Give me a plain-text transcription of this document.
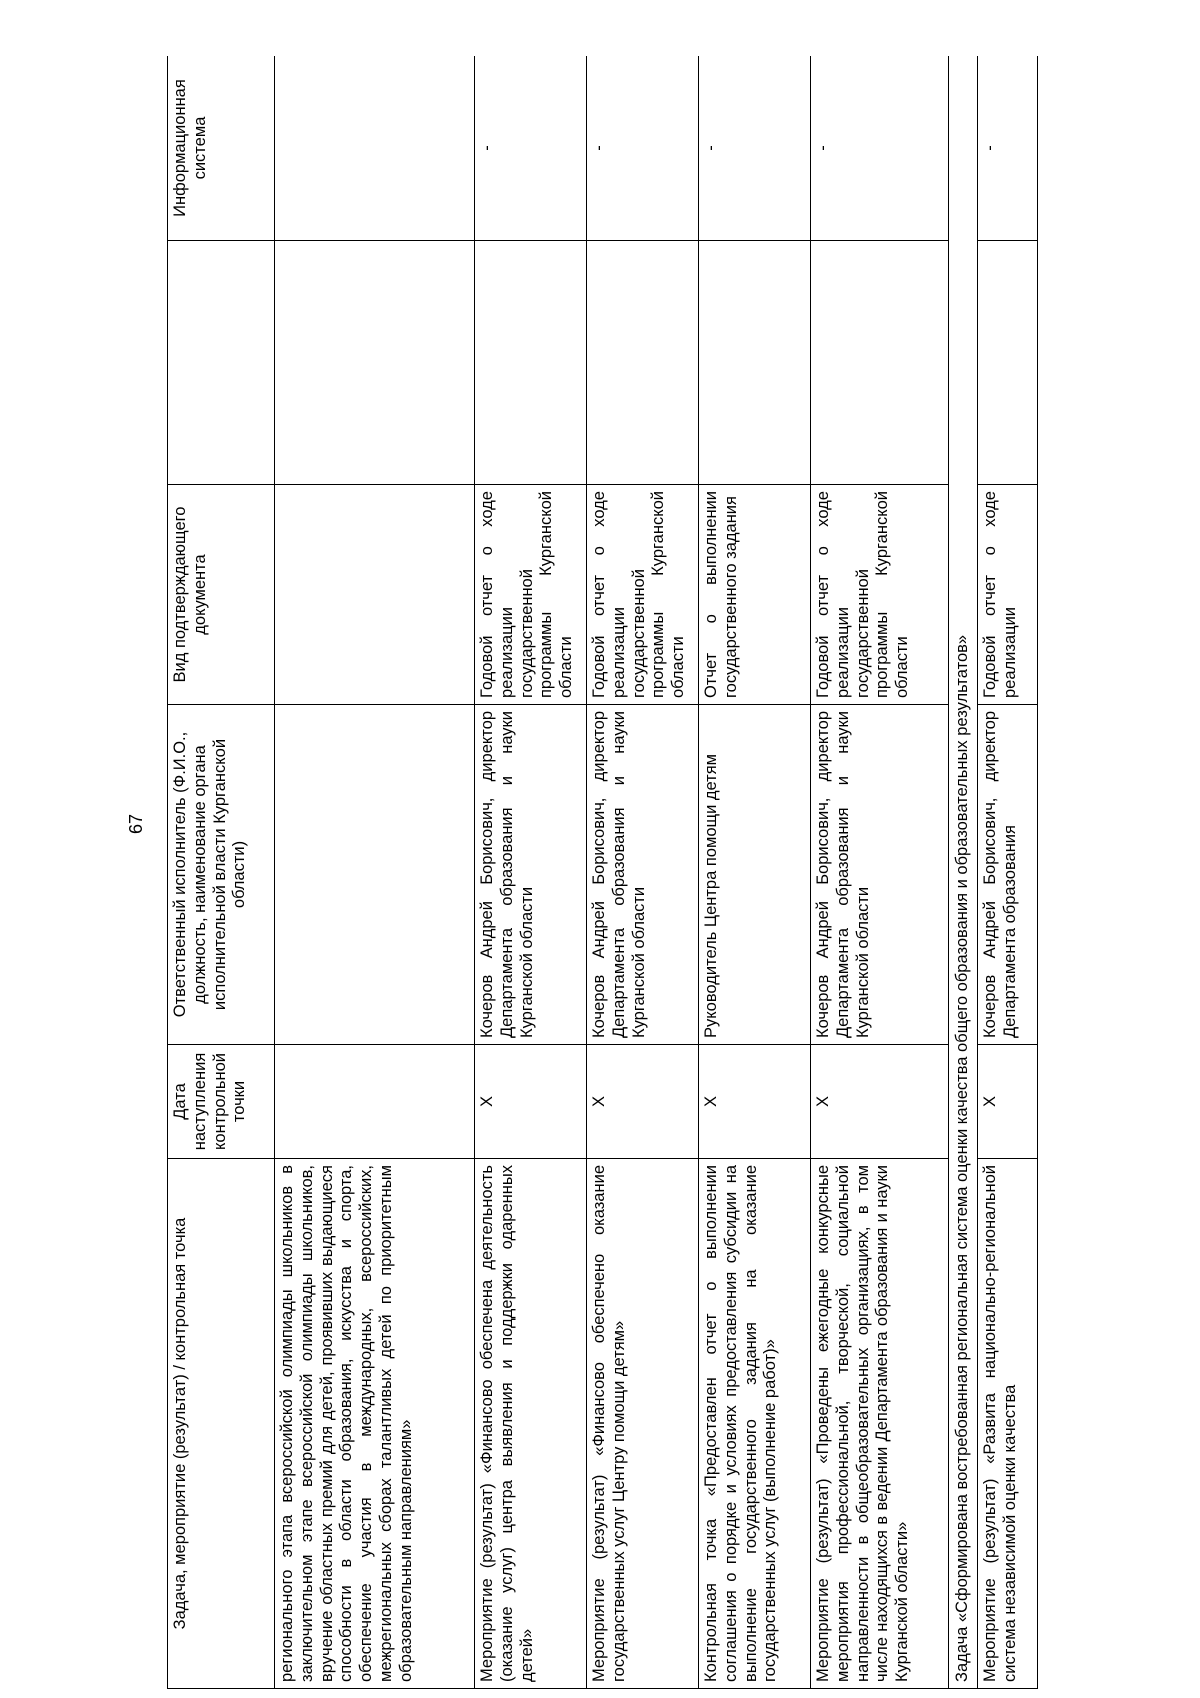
67
Задача, мероприятие (результат) / контрольная точка	Дата наступления контрольной точки	Ответственный исполнитель (Ф.И.О., должность, наименование органа исполнительной власти Курганской области)	Вид подтверждающего документа		Информационная система
регионального этапа всероссийской олимпиады школьников в заключительном этапе всероссийской олимпиады школьников, вручение областных премий для детей, проявивших выдающиеся способности в области образования, искусства и спорта, обеспечение участия в международных, всероссийских, межрегиональных сборах талантливых детей по приоритетным образовательным направлениям»					
Мероприятие (результат) «Финансово обеспечена деятельность (оказание услуг) центра выявления и поддержки одаренных детей»	X	Кочеров Андрей Борисович, директор Департамента образования и науки Курганской области	Годовой отчет о ходе реализации государственной программы Курганской области		-
Мероприятие (результат) «Финансово обеспечено оказание государственных услуг Центру помощи детям»	X	Кочеров Андрей Борисович, директор Департамента образования и науки Курганской области	Годовой отчет о ходе реализации государственной программы Курганской области		-
Контрольная точка «Предоставлен отчет о выполнении соглашения о порядке и условиях предоставления субсидии на выполнение государственного задания на оказание государственных услуг (выполнение работ)»	X	Руководитель Центра помощи детям	Отчет о выполнении государственного задания		-
Мероприятие (результат) «Проведены ежегодные конкурсные мероприятия профессиональной, творческой, социальной направленности в общеобразовательных организациях, в том числе находящихся в ведении Департамента образования и науки Курганской области»	X	Кочеров Андрей Борисович, директор Департамента образования и науки Курганской области	Годовой отчет о ходе реализации государственной программы Курганской области		-
Задача «Сформирована востребованная региональная система оценки качества общего образования и образовательных результатов»					
Мероприятие (результат) «Развита национально-региональной система независимой оценки качества	X	Кочеров Андрей Борисович, директор Департамента образования	Годовой отчет о ходе реализации		-
